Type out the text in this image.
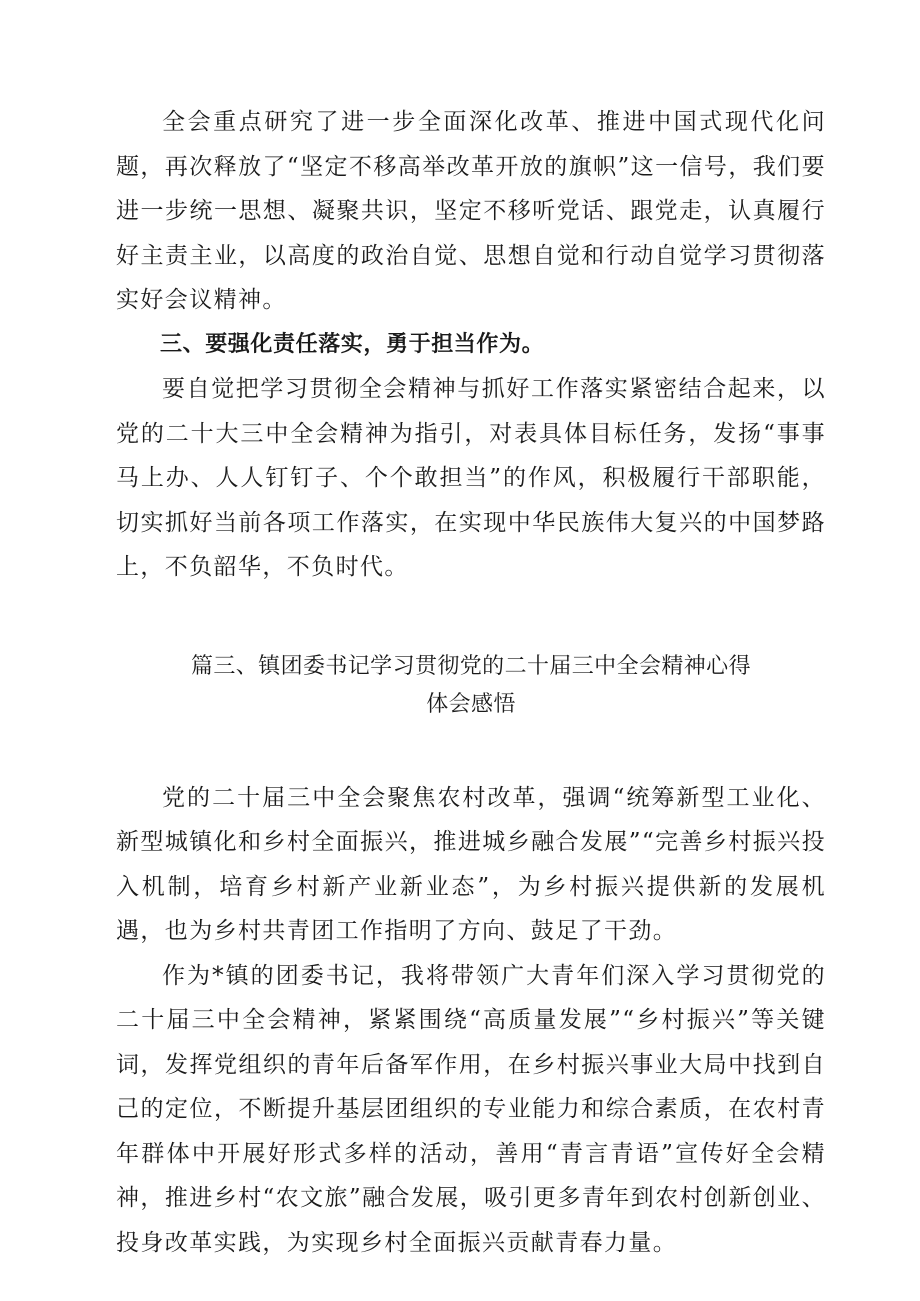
全会重点研究了进一步全面深化改革、推进中国式现代化问题，再次释放了“坚定不移高举改革开放的旗帜”这一信号，我们要进一步统一思想、凝聚共识，坚定不移听党话、跟党走，认真履行好主责主业，以高度的政治自觉、思想自觉和行动自觉学习贯彻落实好会议精神。

三、要强化责任落实，勇于担当作为。

要自觉把学习贯彻全会精神与抓好工作落实紧密结合起来，以党的二十大三中全会精神为指引，对表具体目标任务，发扬“事事马上办、人人钉钉子、个个敢担当”的作风，积极履行干部职能，切实抓好当前各项工作落实，在实现中华民族伟大复兴的中国梦路上，不负韶华，不负时代。

篇三、镇团委书记学习贯彻党的二十届三中全会精神心得

体会感悟

党的二十届三中全会聚焦农村改革，强调“统筹新型工业化、新型城镇化和乡村全面振兴，推进城乡融合发展”“完善乡村振兴投入机制，培育乡村新产业新业态”，为乡村振兴提供新的发展机遇，也为乡村共青团工作指明了方向、鼓足了干劲。

作为*镇的团委书记，我将带领广大青年们深入学习贯彻党的二十届三中全会精神，紧紧围绕“高质量发展”“乡村振兴”等关键词，发挥党组织的青年后备军作用，在乡村振兴事业大局中找到自己的定位，不断提升基层团组织的专业能力和综合素质，在农村青年群体中开展好形式多样的活动，善用“青言青语”宣传好全会精神，推进乡村“农文旅”融合发展，吸引更多青年到农村创新创业、投身改革实践，为实现乡村全面振兴贡献青春力量。
